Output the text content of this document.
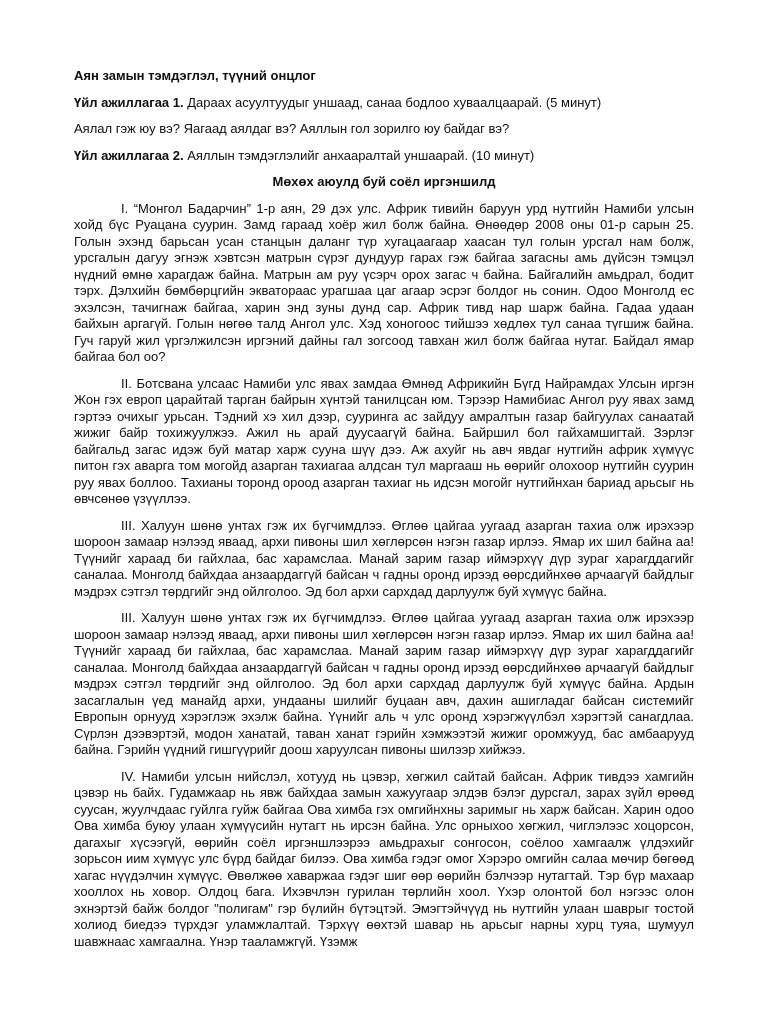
Аян замын тэмдэглэл, түүний онцлог

Үйл ажиллагаа 1. Дараах асуултуудыг уншаад, санаа бодлоо хуваалцаарай. (5 минут)

Аялал гэж юу вэ? Яагаад аялдаг вэ? Аяллын гол зорилго юу байдаг вэ?

Үйл ажиллагаа 2. Аяллын тэмдэглэлийг анхааралтай уншаарай. (10 минут)

Мөхөх аюулд буй соёл иргэншилд

I. “Монгол Бадарчин” 1-р аян, 29 дэх улс. Африк тивийн баруун урд нутгийн Намиби улсын хойд бүс Руацана суурин. Замд гараад хоёр жил болж байна. Өнөөдөр 2008 оны 01-р сарын 25. Голын эхэнд барьсан усан станцын даланг түр хугацаагаар хаасан тул голын урсгал нам болж, урсгалын дагуу эгнэж хэвтсэн матрын сүрэг дундуур гарах гэж байгаа загасны амь дүйсэн тэмцэл нүдний өмнө харагдаж байна. Матрын ам руу үсэрч орох загас ч байна. Байгалийн амьдрал, бодит тэрх. Дэлхийн бөмбөрцгийн экваторааc урагшаа цаг агаар эсрэг болдог нь сонин. Одоо Монголд ес эхэлсэн, тачигнаж байгаа, харин энд зуны дунд сар. Африк тивд нар шарж байна. Гадаа удаан байхын аргагүй. Голын нөгөө талд Ангол улс. Хэд хоногоос тийшээ хөдлөх тул санаа түгшиж байна. Гуч гаруй жил үргэлжилсэн иргэний дайны гал зогсоод тавхан жил болж байгаа нутаг. Байдал ямар байгаа бол оо?

II. Ботсвана улсаас Намиби улс явах замдаа Өмнөд Африкийн Бүгд Найрамдах Улсын иргэн Жон гэх европ царайтай тарган байрын хүнтэй танилцсан юм. Тэрээр Намибиас Ангол руу явах замд гэртээ очихыг урьсан. Тэдний хэ хил дээр, сууринга ас зайдуу амралтын газар байгуулах санаатай жижиг байр тохижуулжээ. Ажил нь арай дуусаагүй байна. Байршил бол гайхамшигтай. Зэрлэг байгальд загас идэж буй матар харж сууна шүү дээ. Аж ахуйг нь авч явдаг нутгийн африк хүмүүс питон гэх аварга том могойд азарган тахиагаа алдсан тул маргааш нь өөрийг олохоор нутгийн суурин руу явах боллоо. Тахианы торонд ороод азарган тахиаг нь идсэн могойг нутгийнхан бариад арьсыг нь өвчсөнөө үзүүллээ.

III. Халуун шөнө унтах гэж их бүгчимдлээ. Өглөө цайгаа уугаад азарган тахиа олж ирэхээр шороон замаар нэлээд яваад, архи пивоны шил хөглөрсөн нэгэн газар ирлээ. Ямар их шил байна аа! Түүнийг хараад би гайхлаа, бас харамслаа. Манай зарим газар иймэрхүү дүр зураг харагддагийг саналаа. Монголд байхдаа анзаардаггүй байсан ч гадны оронд ирээд өөрсдийнхөө арчаагүй байдлыг мэдрэх сэтгэл төрдгийг энд ойлголоо. Эд бол архи сархдад дарлуулж буй хүмүүс байна.

III. Халуун шөнө унтах гэж их бүгчимдлээ. Өглөө цайгаа уугаад азарган тахиа олж ирэхээр шороон замаар нэлээд яваад, архи пивоны шил хөглөрсөн нэгэн газар ирлээ. Ямар их шил байна аа! Түүнийг хараад би гайхлаа, бас харамслаа. Манай зарим газар иймэрхүү дүр зураг харагддагийг саналаа. Монголд байхдаа анзаардаггүй байсан ч гадны оронд ирээд өөрсдийнхөө арчаагүй байдлыг мэдрэх сэтгэл төрдгийг энд ойлголоо. Эд бол архи сархдад дарлуулж буй хүмүүс байна. Ардын засаглалын үед манайд архи, ундааны шилийг буцаан авч, дахин ашигладаг байсан системийг Европын орнууд хэрэглэж эхэлж байна. Үүнийг аль ч улс оронд хэрэгжүүлбэл хэрэгтэй санагдлаа. Сүрлэн дээвэртэй, модон ханатай, таван ханат гэрийн хэмжээтэй жижиг оромжууд, бас амбаарууд байна. Гэрийн үүдний гишгүүрийг доош харуулсан пивоны шилээр хийжээ.

IV. Намиби улсын нийслэл, хотууд нь цэвэр, хөгжил сайтай байсан. Африк тивдээ хамгийн цэвэр нь байх. Гудамжаар нь явж байхдаа замын хажуугаар элдэв бэлэг дурсгал, зарах зүйл өрөөд суусан, жуулчдаас гуйлга гуйж байгаа Ова химба гэх омгийнхны заримыг нь харж байсан. Харин одоо Ова химба буюу улаан хүмүүсийн нутагт нь ирсэн байна. Улс орныхоо хөгжил, чиглэлээс хоцорсон, дагахыг хүсээгүй, өөрийн соёл иргэншлээрээ амьдрахыг сонгосон, соёлоо хамгаалж үлдэхийг зорьсон иим хүмүүс улс бүрд байдаг билээ. Ова химба гэдэг омог Хэрэро омгийн салаа мөчир бөгөөд хагас нүүдэлчин хүмүүс. Өвөлжөө хаваржаа гэдэг шиг өөр өөрийн бэлчээр нутагтай. Тэр бүр махаар хооллох нь ховор. Олдоц бага. Ихэвчлэн гурилан төрлийн хоол. Үхэр олонтой бол нэгээс олон эхнэртэй байж болдог "полигам" гэр бүлийн бүтэцтэй. Эмэгтэйчүүд нь нутгийн улаан шаврыг тостой холиод биедээ түрхдэг уламжлалтай. Тэрхүү өөхтэй шавар нь арьсыг нарны хурц туяа, шумуул шавжнаас хамгаална. Үнэр тааламжгүй. Үзэмж
